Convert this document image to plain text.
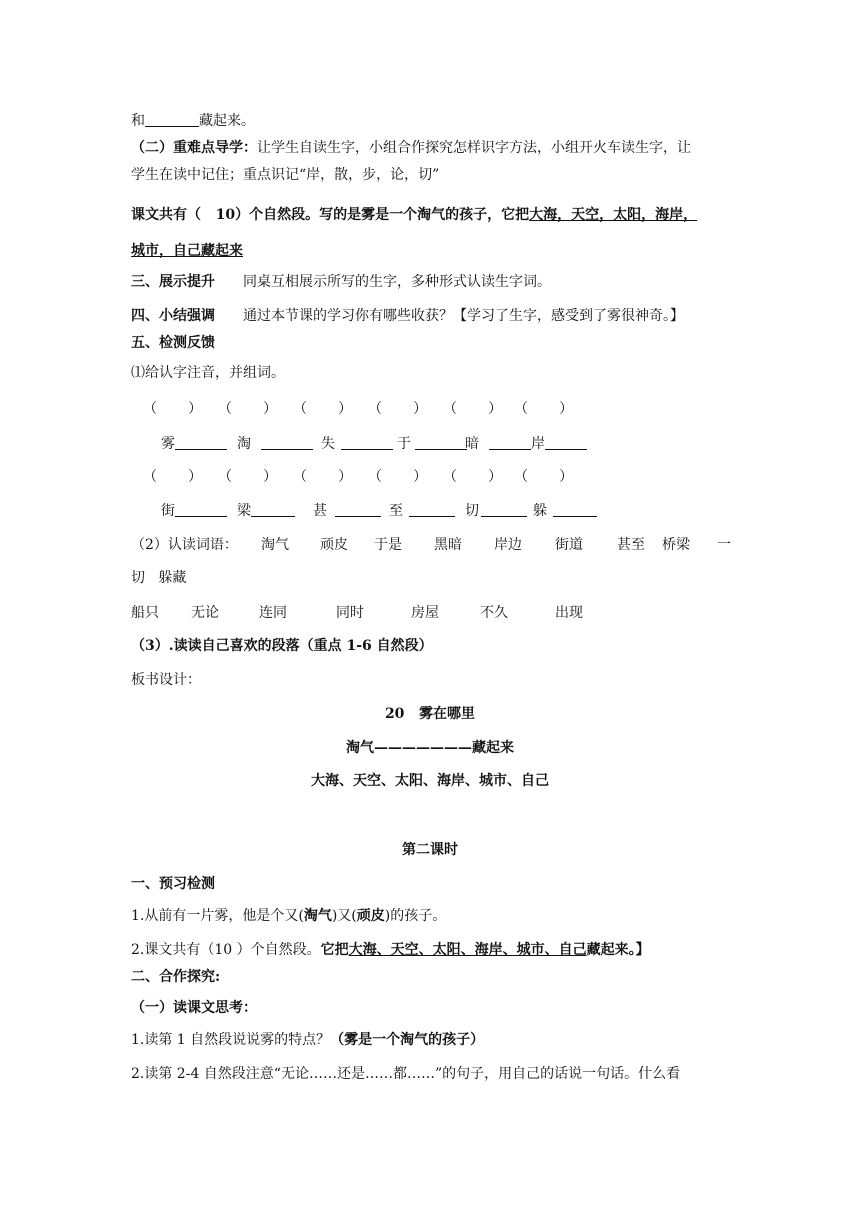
和	藏起来。
（二）重难点导学：让学生自读生字，小组合作探究怎样识字方法，小组开火车读生字，让
学生在读中记住；重点识记“岸，散，步，论，切”
课文共有（   10）个自然段。写的是雾是一个淘气的孩子，它把大海，天空，太阳，海岸，
城市，自己藏起来
三、展示提升 同桌互相展示所写的生字，多种形式认读生字词。
四、小结强调 通过本节课的学习你有哪些收获？【学习了生字，感受到了雾很神奇。】
五、检测反馈
⑴给认字注音，并组词。
（       ） （       ） （       ） （       ） （       ） （       ）
雾	淘	失	于	暗	岸
（       ） （       ） （       ） （       ） （       ） （       ）
街	梁	甚	至	切	躲
（2）认读词语： 淘气 顽皮 于是 黑暗 岸边 街道 甚至 桥梁 一
切   躲藏
船只 无论	连同	同时	房屋	不久	出现
（3）.读读自己喜欢的段落（重点 1-6 自然段）
板书设计：
20   雾在哪里
淘气———————藏起来
大海、天空、太阳、海岸、城市、自己
第二课时
一、预习检测
1.从前有一片雾，他是个又(淘气)又(顽皮)的孩子。
2.课文共有（10 ）个自然段。它把大海、天空、太阳、海岸、城市、自己藏起来。】
二、合作探究:
（一）读课文思考：
1.读第 1 自然段说说雾的特点？（雾是一个淘气的孩子）
2.读第 2-4 自然段注意“无论……还是……都……”的句子，用自己的话说一句话。什么看
